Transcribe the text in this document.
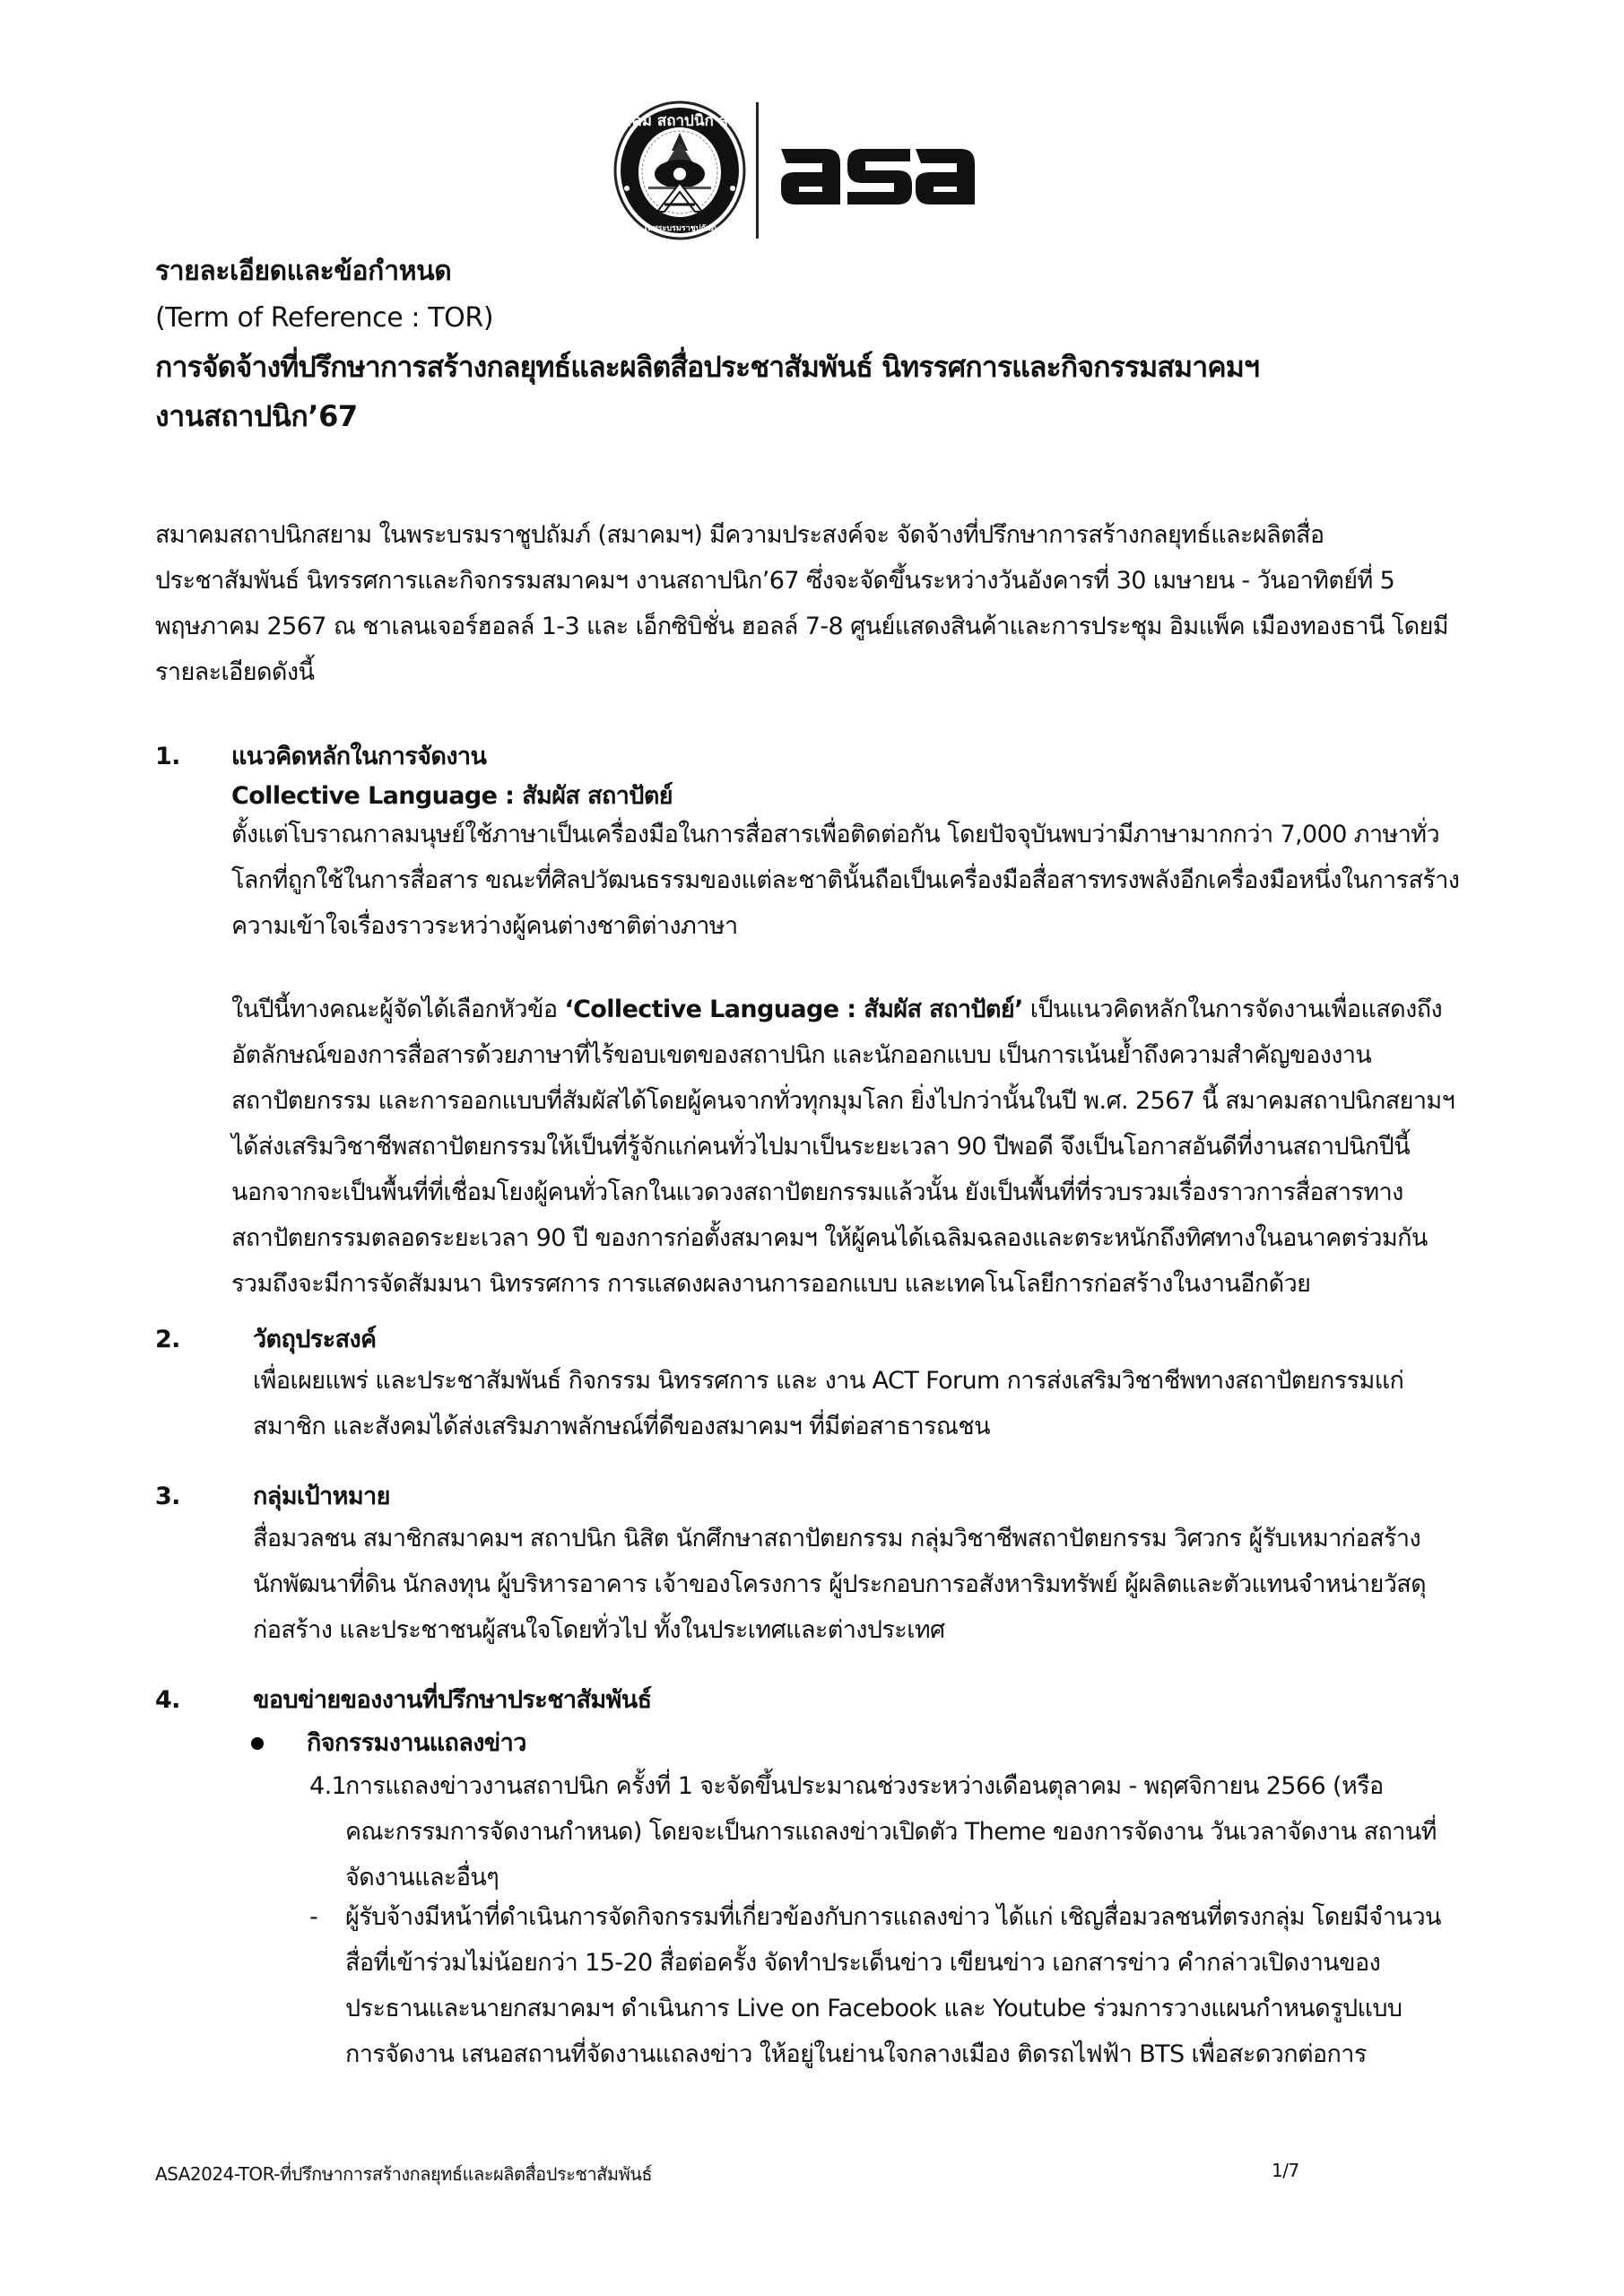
สมาคม สถาปนิก สยาม
ในพระบรมราชูปถัมภ์
รายละเอียดและข้อกำหนด
(Term of Reference : TOR)
การจัดจ้างที่ปรึกษาการสร้างกลยุทธ์และผลิตสื่อประชาสัมพันธ์ นิทรรศการและกิจกรรมสมาคมฯ
งานสถาปนิก’67
สมาคมสถาปนิกสยาม ในพระบรมราชูปถัมภ์ (สมาคมฯ) มีความประสงค์จะ จัดจ้างที่ปรึกษาการสร้างกลยุทธ์และผลิตสื่อ
ประชาสัมพันธ์ นิทรรศการและกิจกรรมสมาคมฯ งานสถาปนิก’67 ซึ่งจะจัดขึ้นระหว่างวันอังคารที่ 30 เมษายน - วันอาทิตย์ที่ 5
พฤษภาคม 2567 ณ ชาเลนเจอร์ฮอลล์ 1-3 และ เอ็กซิบิชั่น ฮอลล์ 7-8 ศูนย์แสดงสินค้าและการประชุม อิมแพ็ค เมืองทองธานี โดยมี
รายละเอียดดังนี้
1. แนวคิดหลักในการจัดงาน
Collective Language : สัมผัส สถาปัตย์
ตั้งแต่โบราณกาลมนุษย์ใช้ภาษาเป็นเครื่องมือในการสื่อสารเพื่อติดต่อกัน โดยปัจจุบันพบว่ามีภาษามากกว่า 7,000 ภาษาทั่ว
โลกที่ถูกใช้ในการสื่อสาร ขณะที่ศิลปวัฒนธรรมของแต่ละชาตินั้นถือเป็นเครื่องมือสื่อสารทรงพลังอีกเครื่องมือหนึ่งในการสร้าง
ความเข้าใจเรื่องราวระหว่างผู้คนต่างชาติต่างภาษา
ในปีนี้ทางคณะผู้จัดได้เลือกหัวข้อ ‘Collective Language : สัมผัส สถาปัตย์’ เป็นแนวคิดหลักในการจัดงานเพื่อแสดงถึง
อัตลักษณ์ของการสื่อสารด้วยภาษาที่ไร้ขอบเขตของสถาปนิก และนักออกแบบ เป็นการเน้นย้ำถึงความสำคัญของงาน
สถาปัตยกรรม และการออกแบบที่สัมผัสได้โดยผู้คนจากทั่วทุกมุมโลก ยิ่งไปกว่านั้นในปี พ.ศ. 2567 นี้ สมาคมสถาปนิกสยามฯ
ได้ส่งเสริมวิชาชีพสถาปัตยกรรมให้เป็นที่รู้จักแก่คนทั่วไปมาเป็นระยะเวลา 90 ปีพอดี จึงเป็นโอกาสอันดีที่งานสถาปนิกปีนี้
นอกจากจะเป็นพื้นที่ที่เชื่อมโยงผู้คนทั่วโลกในแวดวงสถาปัตยกรรมแล้วนั้น ยังเป็นพื้นที่ที่รวบรวมเรื่องราวการสื่อสารทาง
สถาปัตยกรรมตลอดระยะเวลา 90 ปี ของการก่อตั้งสมาคมฯ ให้ผู้คนได้เฉลิมฉลองและตระหนักถึงทิศทางในอนาคตร่วมกัน
รวมถึงจะมีการจัดสัมมนา นิทรรศการ การแสดงผลงานการออกแบบ และเทคโนโลยีการก่อสร้างในงานอีกด้วย
2.	วัตถุประสงค์
เพื่อเผยแพร่ และประชาสัมพันธ์ กิจกรรม นิทรรศการ และ งาน ACT Forum การส่งเสริมวิชาชีพทางสถาปัตยกรรมแก่
สมาชิก และสังคมได้ส่งเสริมภาพลักษณ์ที่ดีของสมาคมฯ ที่มีต่อสาธารณชน
3.	กลุ่มเป้าหมาย
สื่อมวลชน สมาชิกสมาคมฯ สถาปนิก นิสิต นักศึกษาสถาปัตยกรรม กลุ่มวิชาชีพสถาปัตยกรรม วิศวกร ผู้รับเหมาก่อสร้าง
นักพัฒนาที่ดิน นักลงทุน ผู้บริหารอาคาร เจ้าของโครงการ ผู้ประกอบการอสังหาริมทรัพย์ ผู้ผลิตและตัวแทนจำหน่ายวัสดุ
ก่อสร้าง และประชาชนผู้สนใจโดยทั่วไป ทั้งในประเทศและต่างประเทศ
4.	ขอบข่ายของงานที่ปรึกษาประชาสัมพันธ์
กิจกรรมงานแถลงข่าว
4.1
การแถลงข่าวงานสถาปนิก ครั้งที่ 1 จะจัดขึ้นประมาณช่วงระหว่างเดือนตุลาคม - พฤศจิกายน 2566 (หรือ
คณะกรรมการจัดงานกำหนด) โดยจะเป็นการแถลงข่าวเปิดตัว Theme ของการจัดงาน วันเวลาจัดงาน สถานที่
จัดงานและอื่นๆ
- ผู้รับจ้างมีหน้าที่ดำเนินการจัดกิจกรรมที่เกี่ยวข้องกับการแถลงข่าว ได้แก่ เชิญสื่อมวลชนที่ตรงกลุ่ม โดยมีจำนวน
สื่อที่เข้าร่วมไม่น้อยกว่า 15-20 สื่อต่อครั้ง จัดทำประเด็นข่าว เขียนข่าว เอกสารข่าว คำกล่าวเปิดงานของ
ประธานและนายกสมาคมฯ ดำเนินการ Live on Facebook และ Youtube ร่วมการวางแผนกำหนดรูปแบบ
การจัดงาน เสนอสถานที่จัดงานแถลงข่าว ให้อยู่ในย่านใจกลางเมือง ติดรถไฟฟ้า BTS เพื่อสะดวกต่อการ
ASA2024-TOR-ที่ปรึกษาการสร้างกลยุทธ์และผลิตสื่อประชาสัมพันธ์	1/7
